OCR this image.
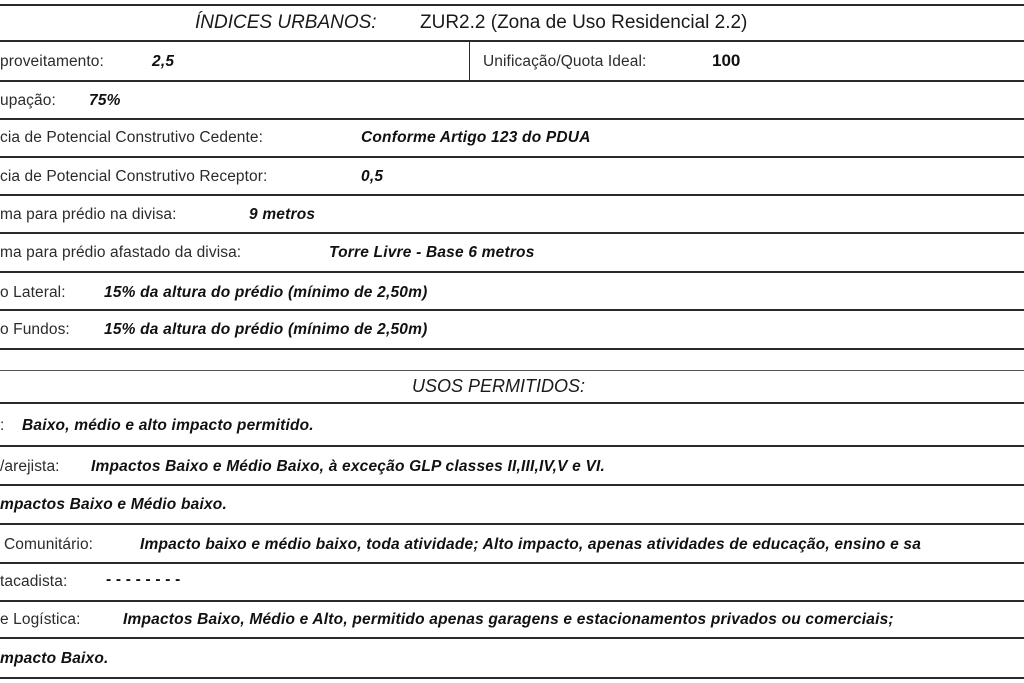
ÍNDICES URBANOS: ZUR2.2 (Zona de Uso Residencial 2.2)
proveitamento:	2,5	Unificação/Quota Ideal:	100
upação: 75%
cia de Potencial Construtivo Cedente:	Conforme Artigo 123 do PDUA
cia de Potencial Construtivo Receptor:	0,5
ma para prédio na divisa:	9 metros
ma para prédio afastado da divisa:	Torre Livre - Base 6 metros
o Lateral: 15% da altura do prédio (mínimo de 2,50m)
o Fundos: 15% da altura do prédio (mínimo de 2,50m)
USOS PERMITIDOS:
: Baixo, médio e alto impacto permitido.
/arejista: Impactos Baixo e Médio Baixo, à exceção GLP classes II,III,IV,V e VI.
mpactos Baixo e Médio baixo.
Comunitário:	Impacto baixo e médio baixo, toda atividade; Alto impacto, apenas atividades de educação, ensino e sa
tacadista: - - - - - - - -
e Logística:	Impactos Baixo, Médio e Alto, permitido apenas garagens e estacionamentos privados ou comerciais;
mpacto Baixo.
